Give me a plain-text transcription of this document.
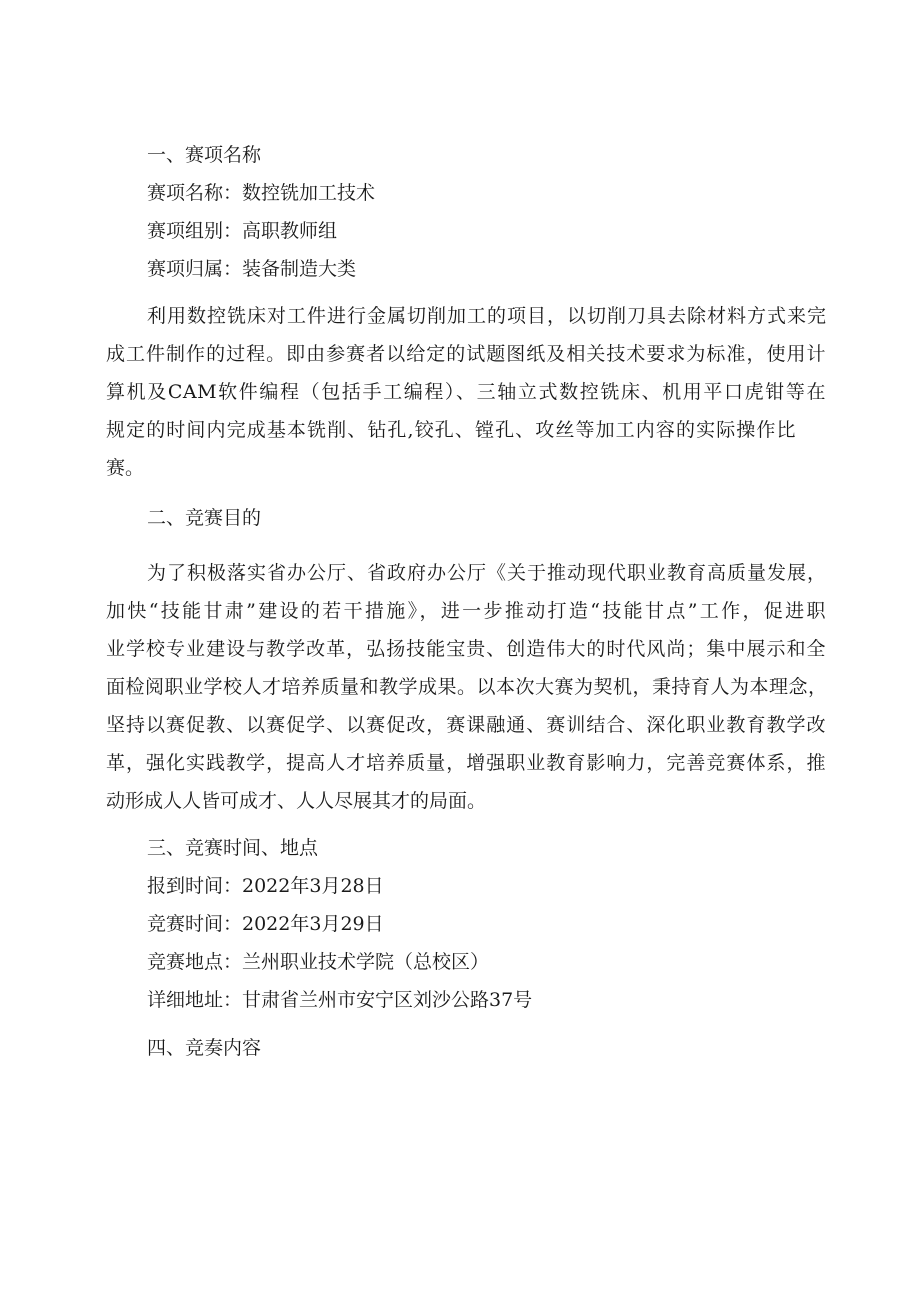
一、赛项名称
赛项名称：数控铣加工技术
赛项组别：高职教师组
赛项归属：装备制造大类
利用数控铣床对工件进行金属切削加工的项目，以切削刀具去除材料方式来完
成工件制作的过程。即由参赛者以给定的试题图纸及相关技术要求为标准，使用计
算机及CAM软件编程（包括手工编程）、三轴立式数控铣床、机用平口虎钳等在
规定的时间内完成基本铣削、钻孔,铰孔、镗孔、攻丝等加工内容的实际操作比
赛。
二、竞赛目的
为了积极落实省办公厅、省政府办公厅《关于推动现代职业教育高质量发展，
加快“技能甘肃”建设的若干措施》，进一步推动打造“技能甘点”工作，促进职
业学校专业建设与教学改革，弘扬技能宝贵、创造伟大的时代风尚；集中展示和全
面检阅职业学校人才培养质量和教学成果。以本次大赛为契机，秉持育人为本理念，
坚持以赛促教、以赛促学、以赛促改，赛课融通、赛训结合、深化职业教育教学改
革，强化实践教学，提高人才培养质量，增强职业教育影响力，完善竞赛体系，推
动形成人人皆可成才、人人尽展其才的局面。
三、竞赛时间、地点
报到时间：2022年3月28日
竞赛时间：2022年3月29日
竞赛地点：兰州职业技术学院（总校区）
详细地址：甘肃省兰州市安宁区刘沙公路37号
四、竞奏内容
